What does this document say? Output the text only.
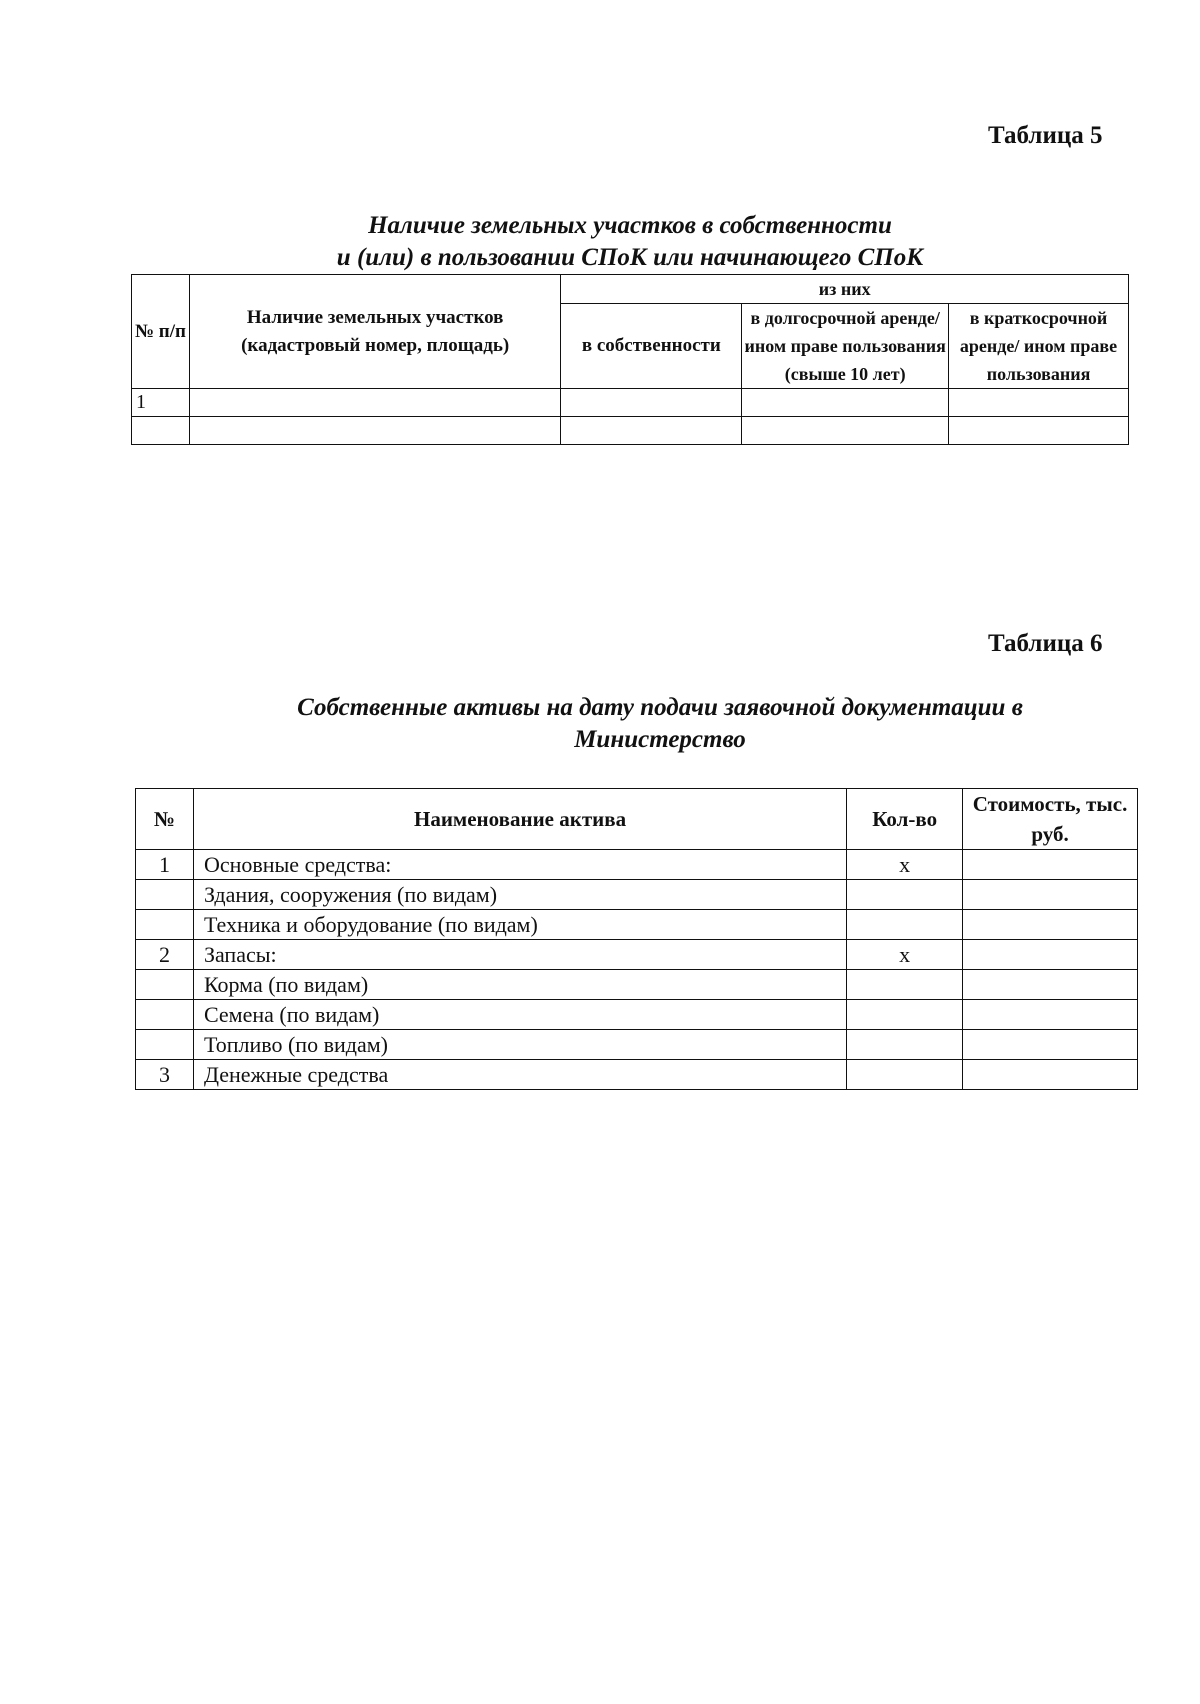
Таблица 5
Наличие земельных участков в собственности
и (или) в пользовании СПоК или начинающего СПоК
№ п/п	Наличие земельных участков (кадастровый номер, площадь)	из них		
		в собственности	в долгосрочной аренде/ ином праве пользования (свыше 10 лет)	в краткосрочной аренде/ ином праве пользования
1				

Таблица 6
Собственные активы на дату подачи заявочной документации в
Министерство
№	Наименование актива	Кол-во	Стоимость, тыс. руб.
1	Основные средства:	x	
	Здания, сооружения (по видам)		
	Техника и оборудование (по видам)		
2	Запасы:	x	
	Корма (по видам)		
	Семена (по видам)		
	Топливо (по видам)		
3	Денежные средства		
